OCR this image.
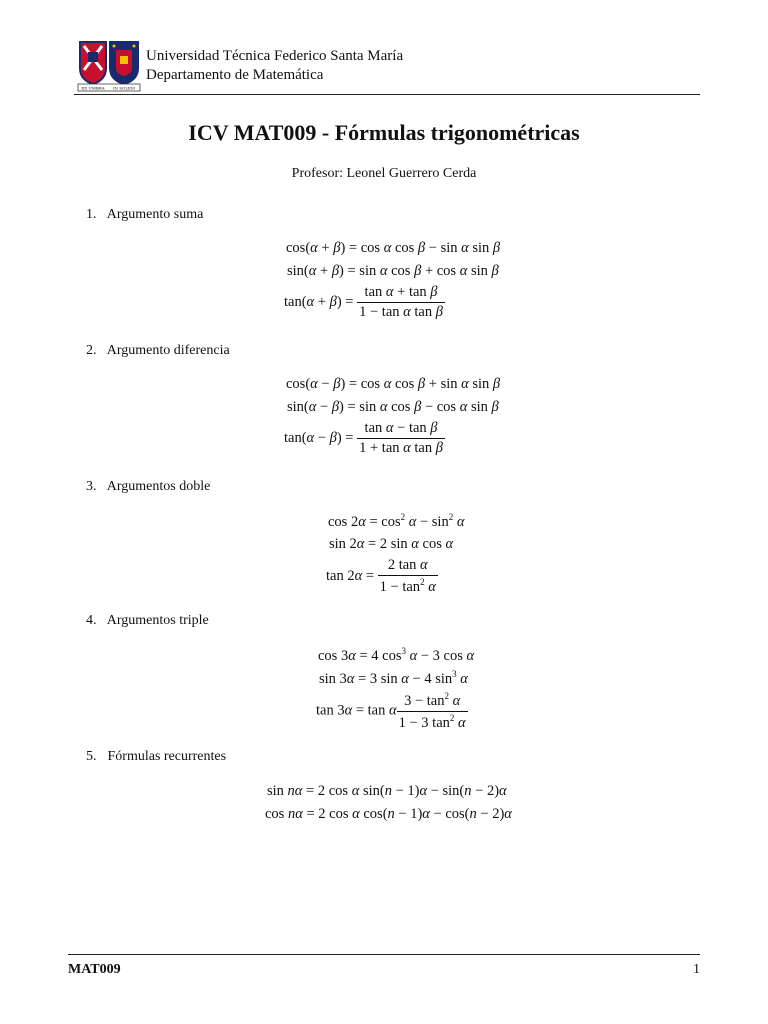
EX UMBRA IN SOLEM
Universidad Técnica Federico Santa María
Departamento de Matemática
ICV MAT009 - Fórmulas trigonométricas
Profesor: Leonel Guerrero Cerda
1. Argumento suma
cos(α + β) = cos α cos β − sin α sin β
sin(α + β) = sin α cos β + cos α sin β
$\tan(\alpha + \beta) = \frac{\text{tan α + tan β}}{\text{1 − tan α tan β}}$
2. Argumento diferencia
cos(α − β) = cos α cos β + sin α sin β
sin(α − β) = sin α cos β − cos α sin β
$\tan(\alpha - \beta) = \frac{\text{tan α − tan β}}{\text{1 + tan α tan β}}$
3. Argumentos doble
$\cos 2\alpha = \cos^2 \alpha - \sin^2 \alpha$
sin 2α = 2 sin α cos α
$\tan 2\alpha = \frac{\text{2 tan α}}{1 - \tan^2 \alpha}$
4. Argumentos triple
cos 3α = 4 $\cos^3 \alpha - 3$ cos α
sin 3α = 3 sin α − 4 $\sin^3 \alpha$
tan 3α = tan α $\frac{3 - \tan^2 \alpha}{1 - 3 \tan^2 \alpha}$
5. Fórmulas recurrentes
sin nα = 2 cos α sin(n − 1)α − sin(n − 2)α
cos nα = 2 cos α cos(n − 1)α − cos(n − 2)α
MAT009	1
